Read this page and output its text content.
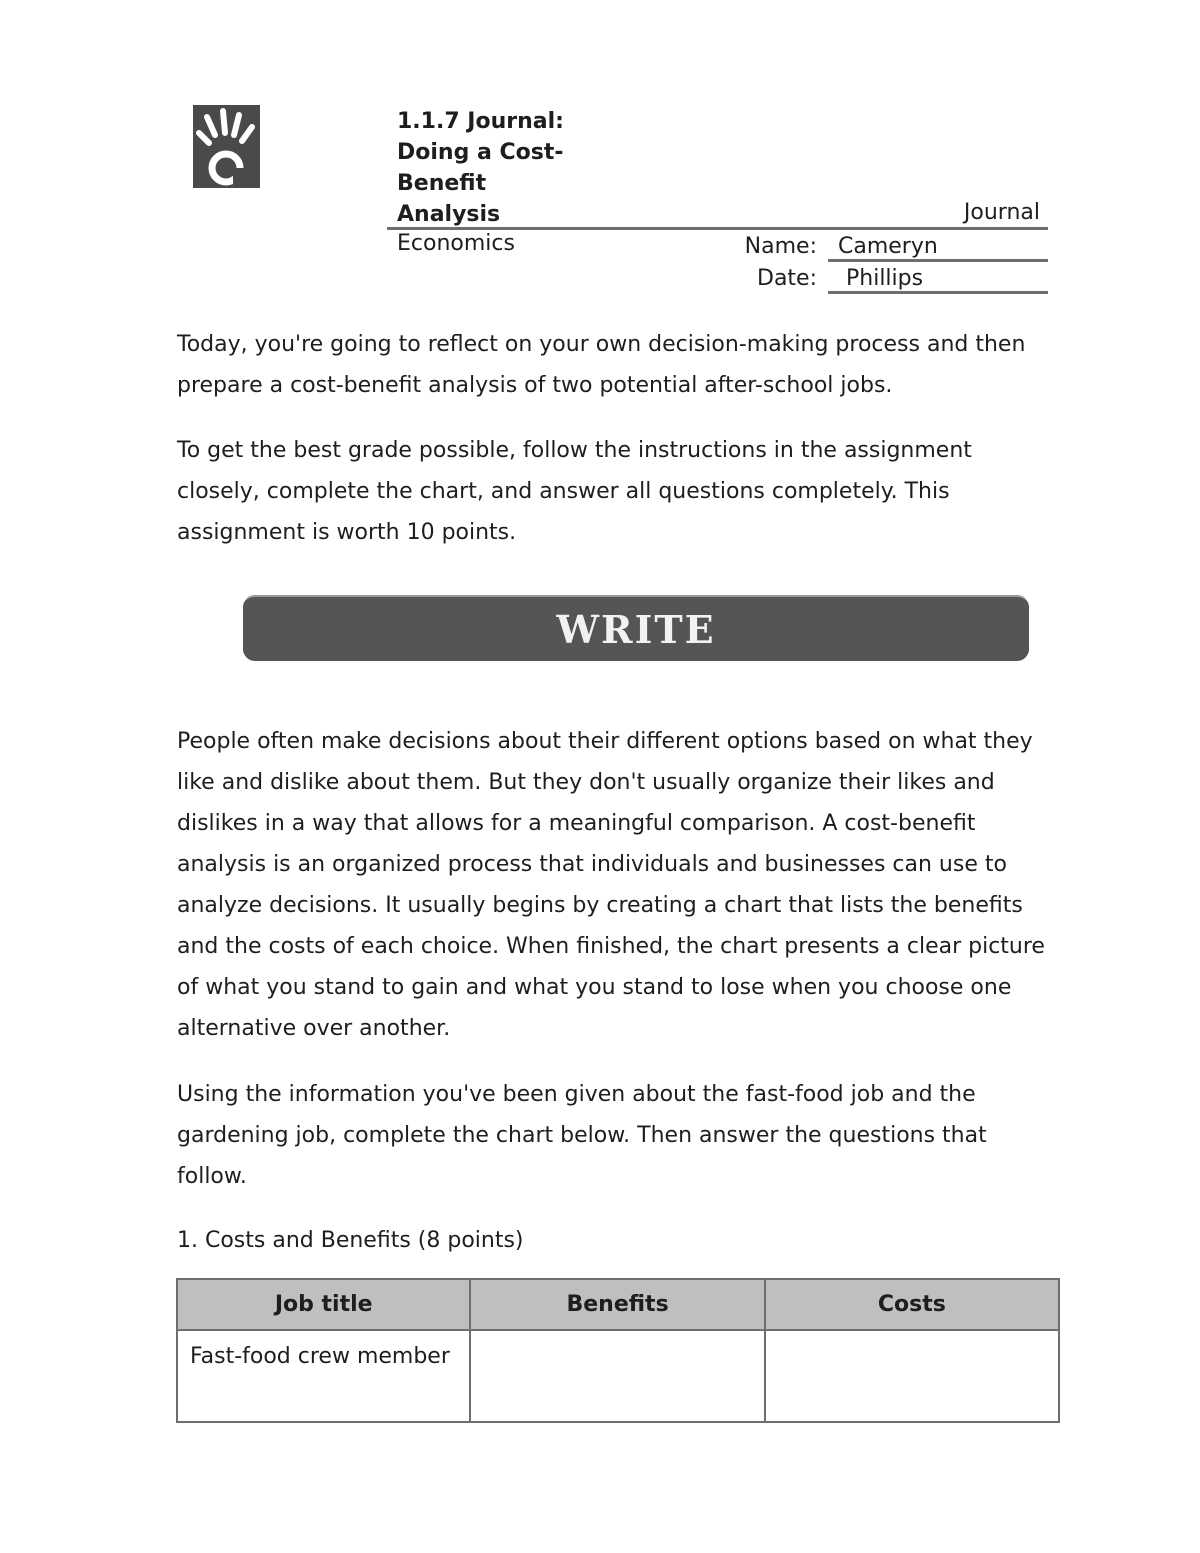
1.1.7 Journal:
Doing a Cost-
Benefit
Analysis	Journal
Economics	Name: Cameryn
Date: Phillips

Today, you're going to reflect on your own decision-making process and then prepare a cost-benefit analysis of two potential after-school jobs.

To get the best grade possible, follow the instructions in the assignment closely, complete the chart, and answer all questions completely. This assignment is worth 10 points.

WRITE

People often make decisions about their different options based on what they like and dislike about them. But they don't usually organize their likes and dislikes in a way that allows for a meaningful comparison. A cost-benefit analysis is an organized process that individuals and businesses can use to analyze decisions. It usually begins by creating a chart that lists the benefits and the costs of each choice. When finished, the chart presents a clear picture of what you stand to gain and what you stand to lose when you choose one alternative over another.

Using the information you've been given about the fast-food job and the gardening job, complete the chart below. Then answer the questions that follow.

1. Costs and Benefits (8 points)
Job title	Benefits	Costs
Fast-food crew member		
